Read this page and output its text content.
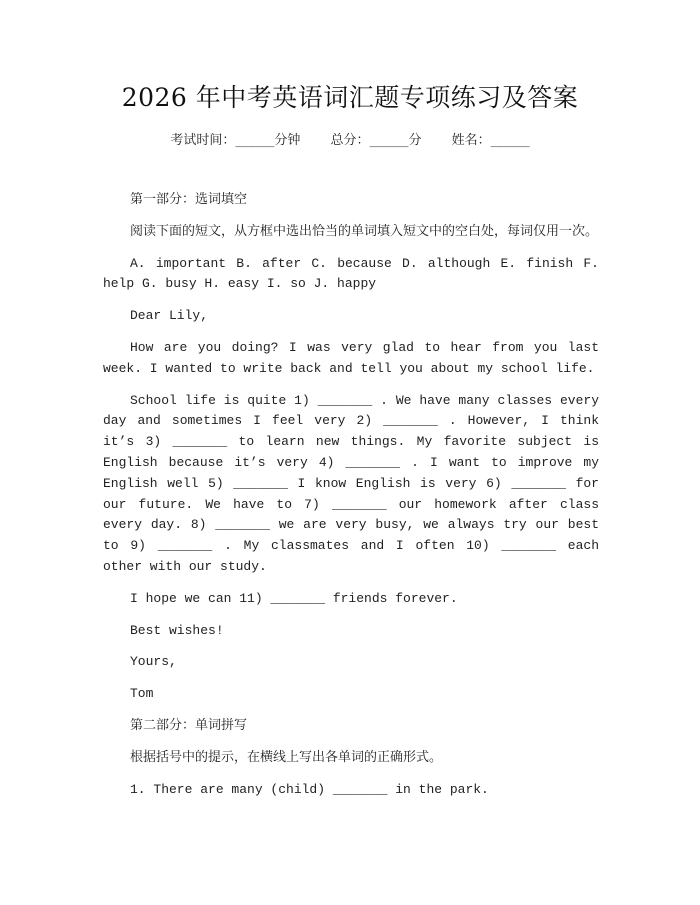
2026 年中考英语词汇题专项练习及答案
考试时间：______分钟 总分：______分 姓名：______

第一部分：选词填空

阅读下面的短文，从方框中选出恰当的单词填入短文中的空白处，每词仅用一次。

A. important B. after C. because D. although E. finish F. help G. busy H. easy I. so J. happy

Dear Lily,

How are you doing? I was very glad to hear from you last week. I wanted to write back and tell you about my school life.

School life is quite 1) _______ . We have many classes every day and sometimes I feel very 2) _______ . However, I think it’s 3) _______ to learn new things. My favorite subject is English because it’s very 4) _______ . I want to improve my English well 5) _______ I know English is very 6) _______ for our future. We have to 7) _______ our homework after class every day. 8) _______ we are very busy, we always try our best to 9) _______ . My classmates and I often 10) _______ each other with our study.

I hope we can 11) _______ friends forever.

Best wishes!

Yours,

Tom

第二部分：单词拼写

根据括号中的提示，在横线上写出各单词的正确形式。

1. There are many (child) _______ in the park.
